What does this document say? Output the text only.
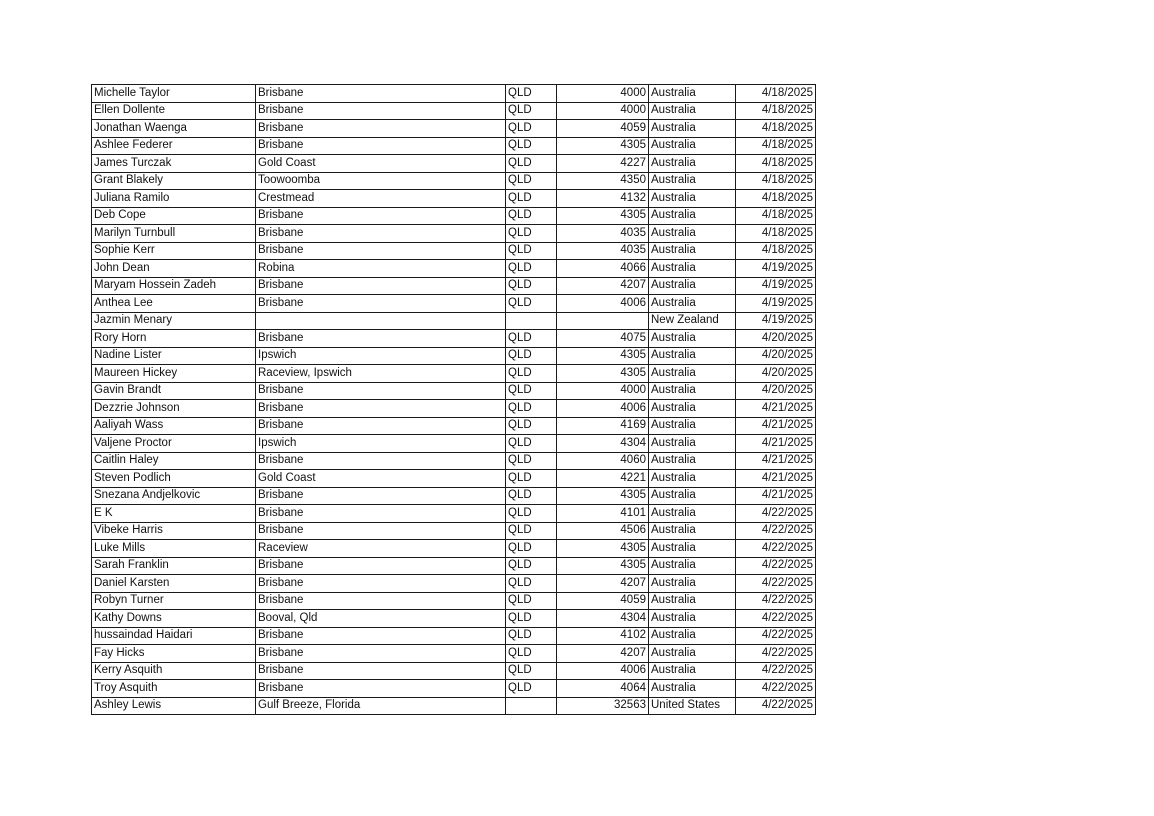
Michelle Taylor	Brisbane	QLD	4000	Australia	4/18/2025
Ellen Dollente	Brisbane	QLD	4000	Australia	4/18/2025
Jonathan Waenga	Brisbane	QLD	4059	Australia	4/18/2025
Ashlee Federer	Brisbane	QLD	4305	Australia	4/18/2025
James Turczak	Gold Coast	QLD	4227	Australia	4/18/2025
Grant Blakely	Toowoomba	QLD	4350	Australia	4/18/2025
Juliana Ramilo	Crestmead	QLD	4132	Australia	4/18/2025
Deb Cope	Brisbane	QLD	4305	Australia	4/18/2025
Marilyn Turnbull	Brisbane	QLD	4035	Australia	4/18/2025
Sophie Kerr	Brisbane	QLD	4035	Australia	4/18/2025
John Dean	Robina	QLD	4066	Australia	4/19/2025
Maryam Hossein Zadeh	Brisbane	QLD	4207	Australia	4/19/2025
Anthea Lee	Brisbane	QLD	4006	Australia	4/19/2025
Jazmin Menary				New Zealand	4/19/2025
Rory Horn	Brisbane	QLD	4075	Australia	4/20/2025
Nadine Lister	Ipswich	QLD	4305	Australia	4/20/2025
Maureen Hickey	Raceview, Ipswich	QLD	4305	Australia	4/20/2025
Gavin Brandt	Brisbane	QLD	4000	Australia	4/20/2025
Dezzrie Johnson	Brisbane	QLD	4006	Australia	4/21/2025
Aaliyah Wass	Brisbane	QLD	4169	Australia	4/21/2025
Valjene Proctor	Ipswich	QLD	4304	Australia	4/21/2025
Caitlin Haley	Brisbane	QLD	4060	Australia	4/21/2025
Steven Podlich	Gold Coast	QLD	4221	Australia	4/21/2025
Snezana Andjelkovic	Brisbane	QLD	4305	Australia	4/21/2025
E K	Brisbane	QLD	4101	Australia	4/22/2025
Vibeke Harris	Brisbane	QLD	4506	Australia	4/22/2025
Luke Mills	Raceview	QLD	4305	Australia	4/22/2025
Sarah Franklin	Brisbane	QLD	4305	Australia	4/22/2025
Daniel Karsten	Brisbane	QLD	4207	Australia	4/22/2025
Robyn Turner	Brisbane	QLD	4059	Australia	4/22/2025
Kathy Downs	Booval, Qld	QLD	4304	Australia	4/22/2025
hussaindad Haidari	Brisbane	QLD	4102	Australia	4/22/2025
Fay Hicks	Brisbane	QLD	4207	Australia	4/22/2025
Kerry Asquith	Brisbane	QLD	4006	Australia	4/22/2025
Troy Asquith	Brisbane	QLD	4064	Australia	4/22/2025
Ashley Lewis	Gulf Breeze, Florida		32563	United States	4/22/2025
